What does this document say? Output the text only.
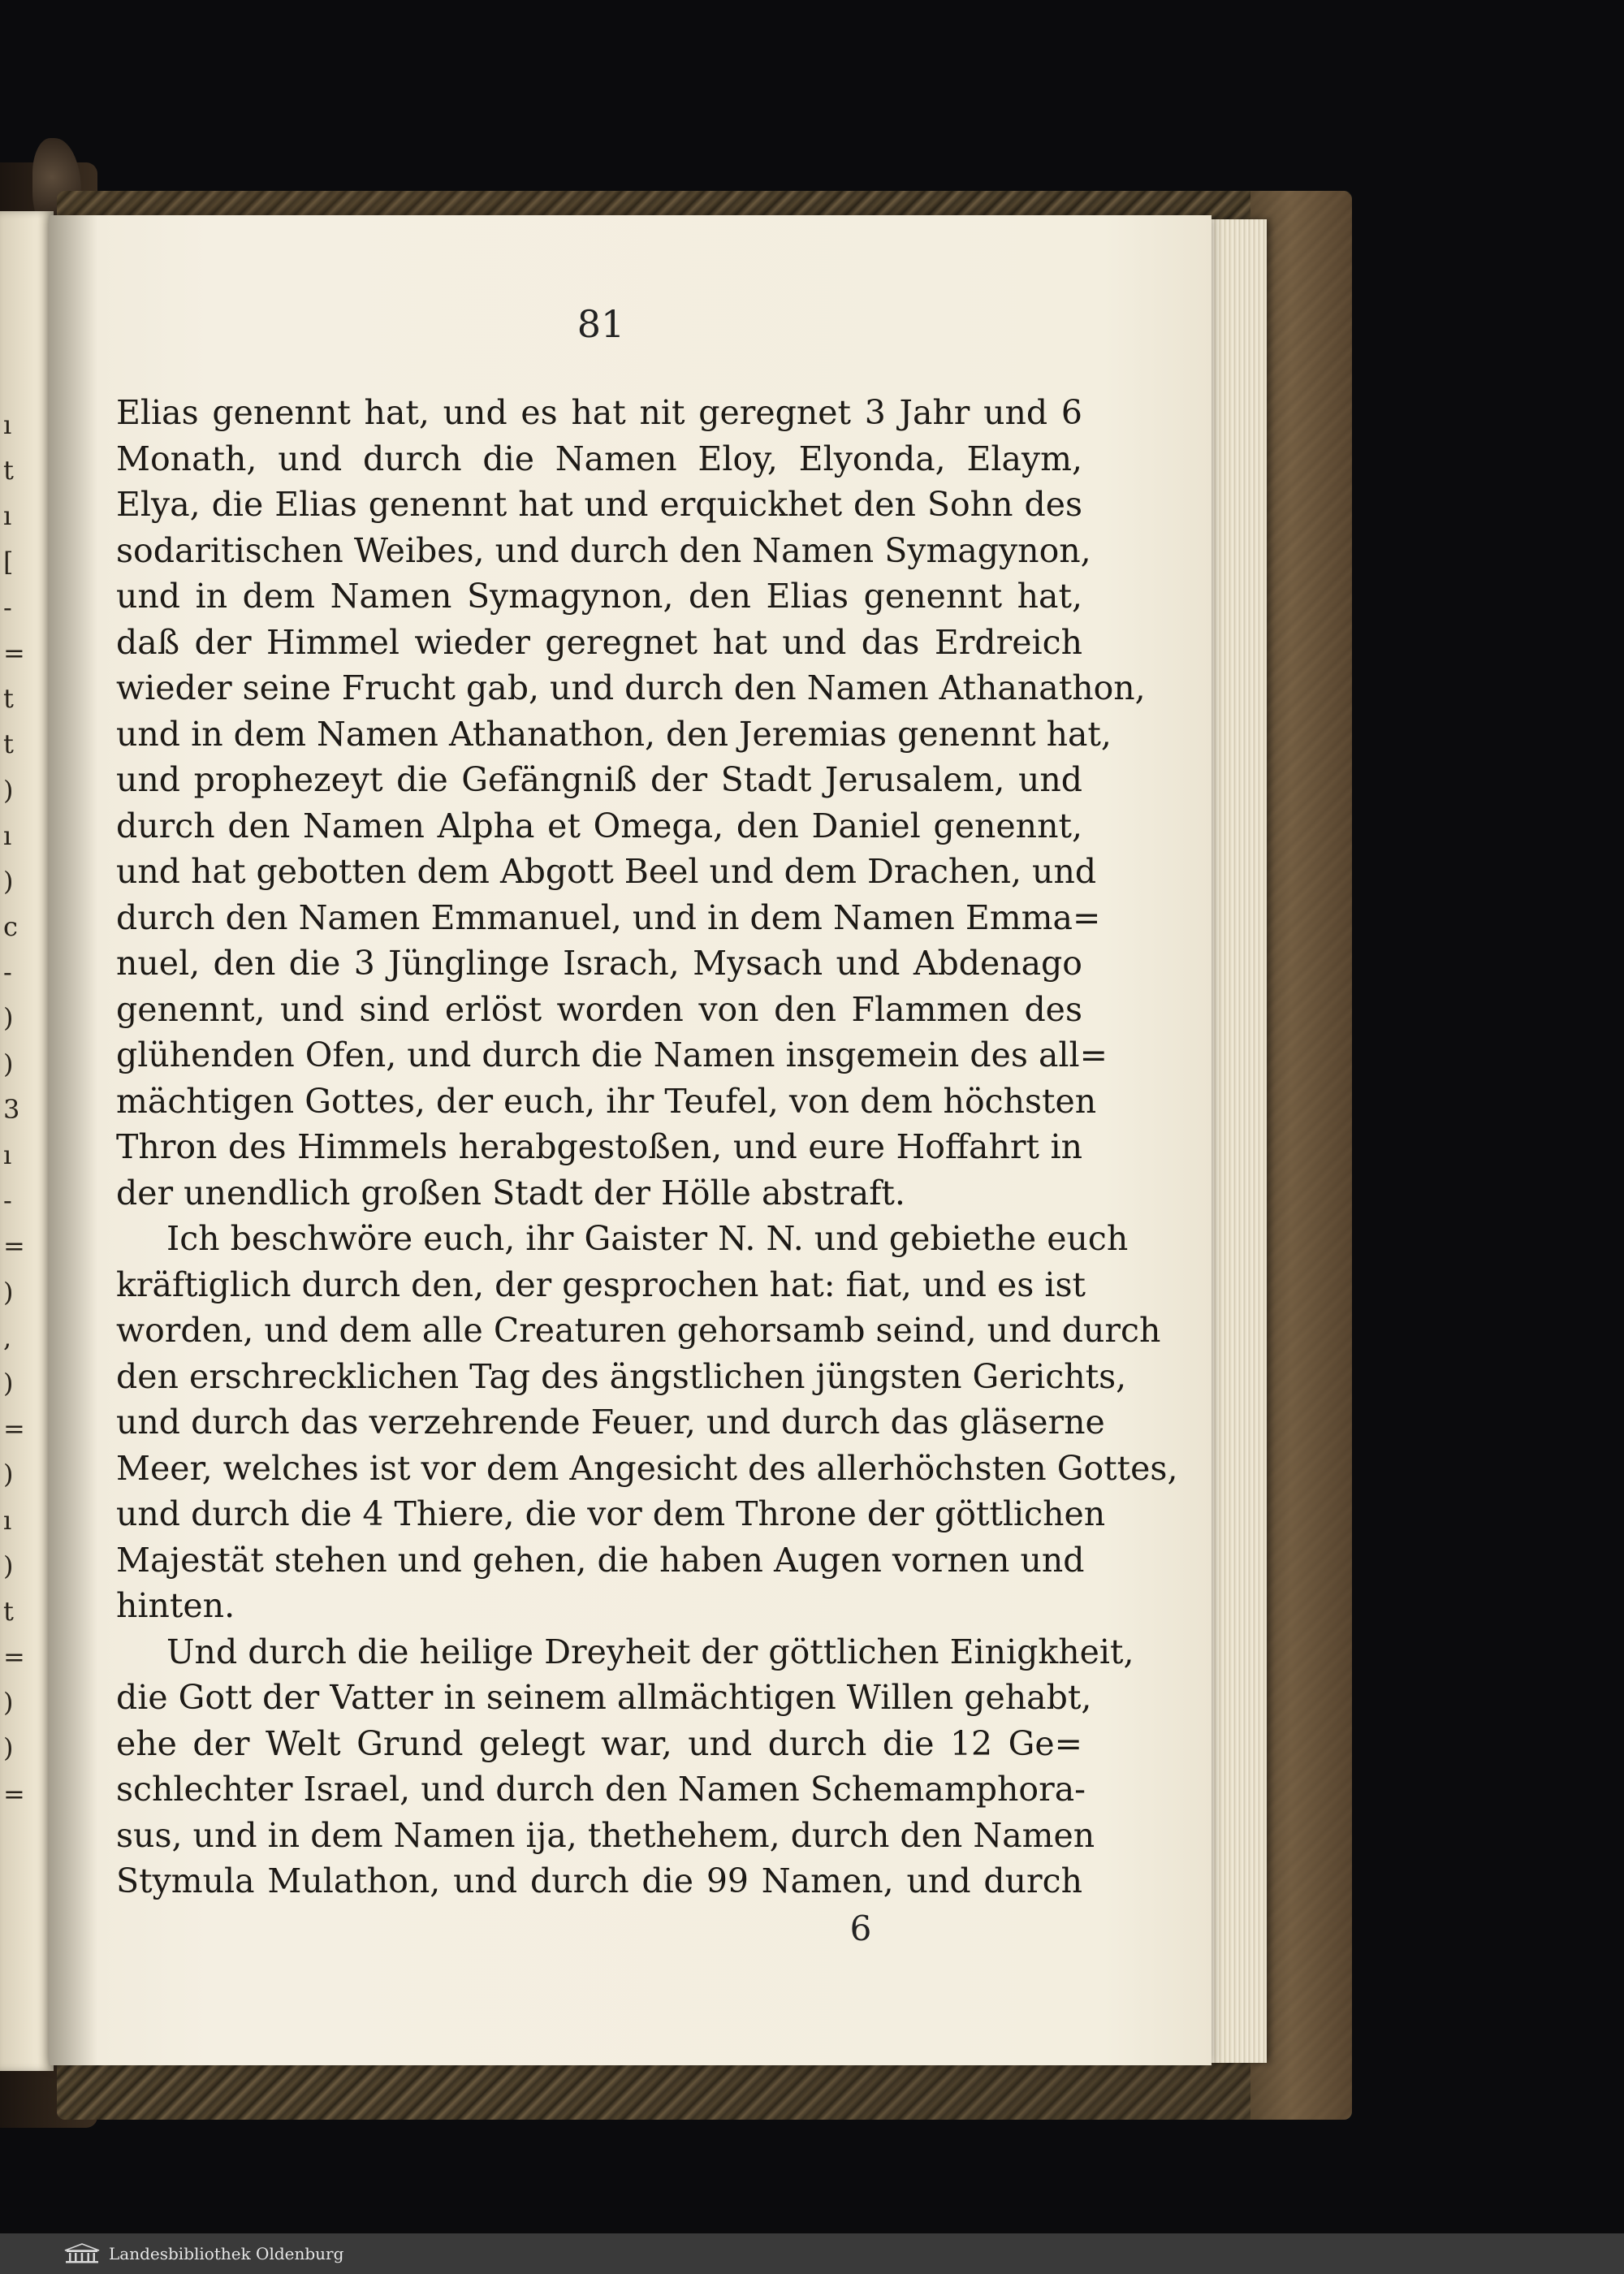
ı
t
ı
[
-
=
t
t
)
ı
)
c
-
)
)
3
ı
-
=
)
,
)
=
)
ı
)
t
=
)
)
=
81
Elias genennt hat, und es hat nit geregnet 3 Jahr und 6
Monath, und durch die Namen Eloy, Elyonda, Elaym,
Elya, die Elias genennt hat und erquickhet den Sohn des
sodaritischen Weibes, und durch den Namen Symagynon,
und in dem Namen Symagynon, den Elias genennt hat,
daß der Himmel wieder geregnet hat und das Erdreich
wieder seine Frucht gab, und durch den Namen Athanathon,
und in dem Namen Athanathon, den Jeremias genennt hat,
und prophezeyt die Gefängniß der Stadt Jerusalem, und
durch den Namen Alpha et Omega, den Daniel genennt,
und hat gebotten dem Abgott Beel und dem Drachen, und
durch den Namen Emmanuel, und in dem Namen Emma=
nuel, den die 3 Jünglinge Israch, Mysach und Abdenago
genennt, und sind erlöst worden von den Flammen des
glühenden Ofen, und durch die Namen insgemein des all=
mächtigen Gottes, der euch, ihr Teufel, von dem höchsten
Thron des Himmels herabgestoßen, und eure Hoffahrt in
der unendlich großen Stadt der Hölle abstraft.
Ich beschwöre euch, ihr Gaister N. N. und gebiethe euch
kräftiglich durch den, der gesprochen hat: fiat, und es ist
worden, und dem alle Creaturen gehorsamb seind, und durch
den erschrecklichen Tag des ängstlichen jüngsten Gerichts,
und durch das verzehrende Feuer, und durch das gläserne
Meer, welches ist vor dem Angesicht des allerhöchsten Gottes,
und durch die 4 Thiere, die vor dem Throne der göttlichen
Majestät stehen und gehen, die haben Augen vornen und
hinten.
Und durch die heilige Dreyheit der göttlichen Einigkheit,
die Gott der Vatter in seinem allmächtigen Willen gehabt,
ehe der Welt Grund gelegt war, und durch die 12 Ge=
schlechter Israel, und durch den Namen Schemamphora-
sus, und in dem Namen ija, thethehem, durch den Namen
Stymula Mulathon, und durch die 99 Namen, und durch
6
Landesbibliothek Oldenburg
